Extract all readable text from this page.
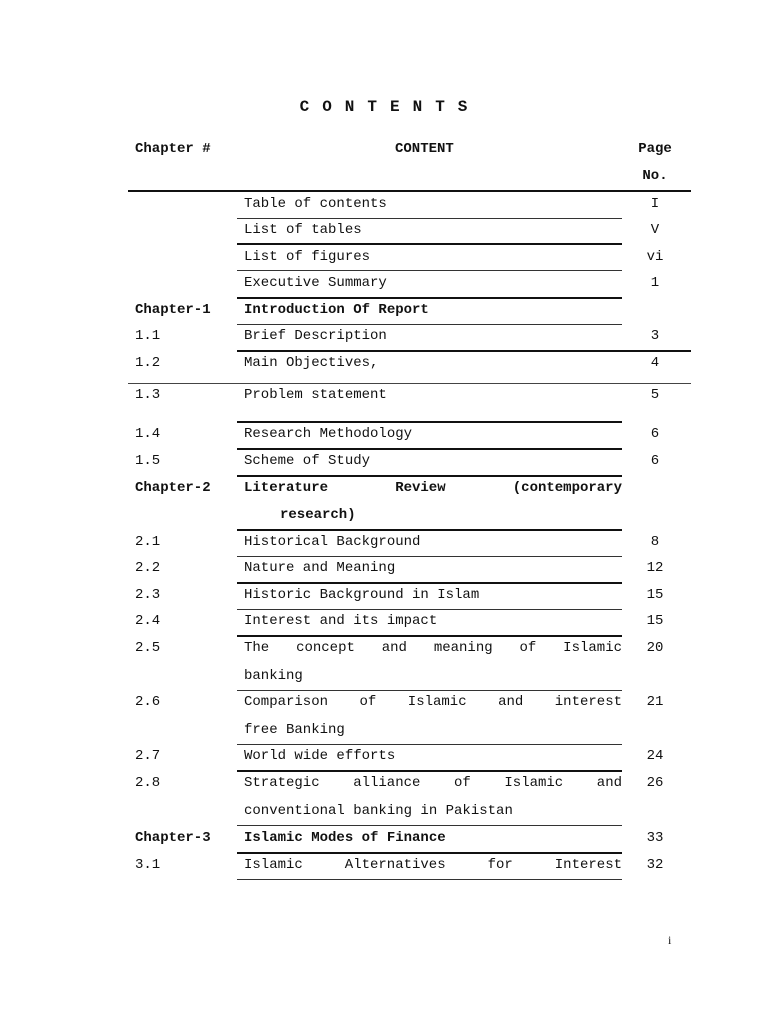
CONTENTS
Chapter #	CONTENT	Page No.
Table of contents	I
List of tables	V
List of figures	vi
Executive Summary	1
Chapter-1	Introduction Of Report
1.1	Brief Description	3
1.2	Main Objectives,	4
1.3	Problem statement	5
1.4	Research Methodology	6
1.5	Scheme of Study	6
Chapter-2	Literature Review (contemporary
research)
2.1	Historical Background	8
2.2	Nature and Meaning	12
2.3	Historic Background in Islam	15
2.4	Interest and its impact	15
2.5	The concept and meaning of Islamic	20
banking
2.6	Comparison of Islamic and interest	21
free Banking
2.7	World wide efforts	24
2.8	Strategic alliance of Islamic and	26
conventional banking in Pakistan
Chapter-3	Islamic Modes of Finance	33
3.1	Islamic Alternatives for Interest	32
i
